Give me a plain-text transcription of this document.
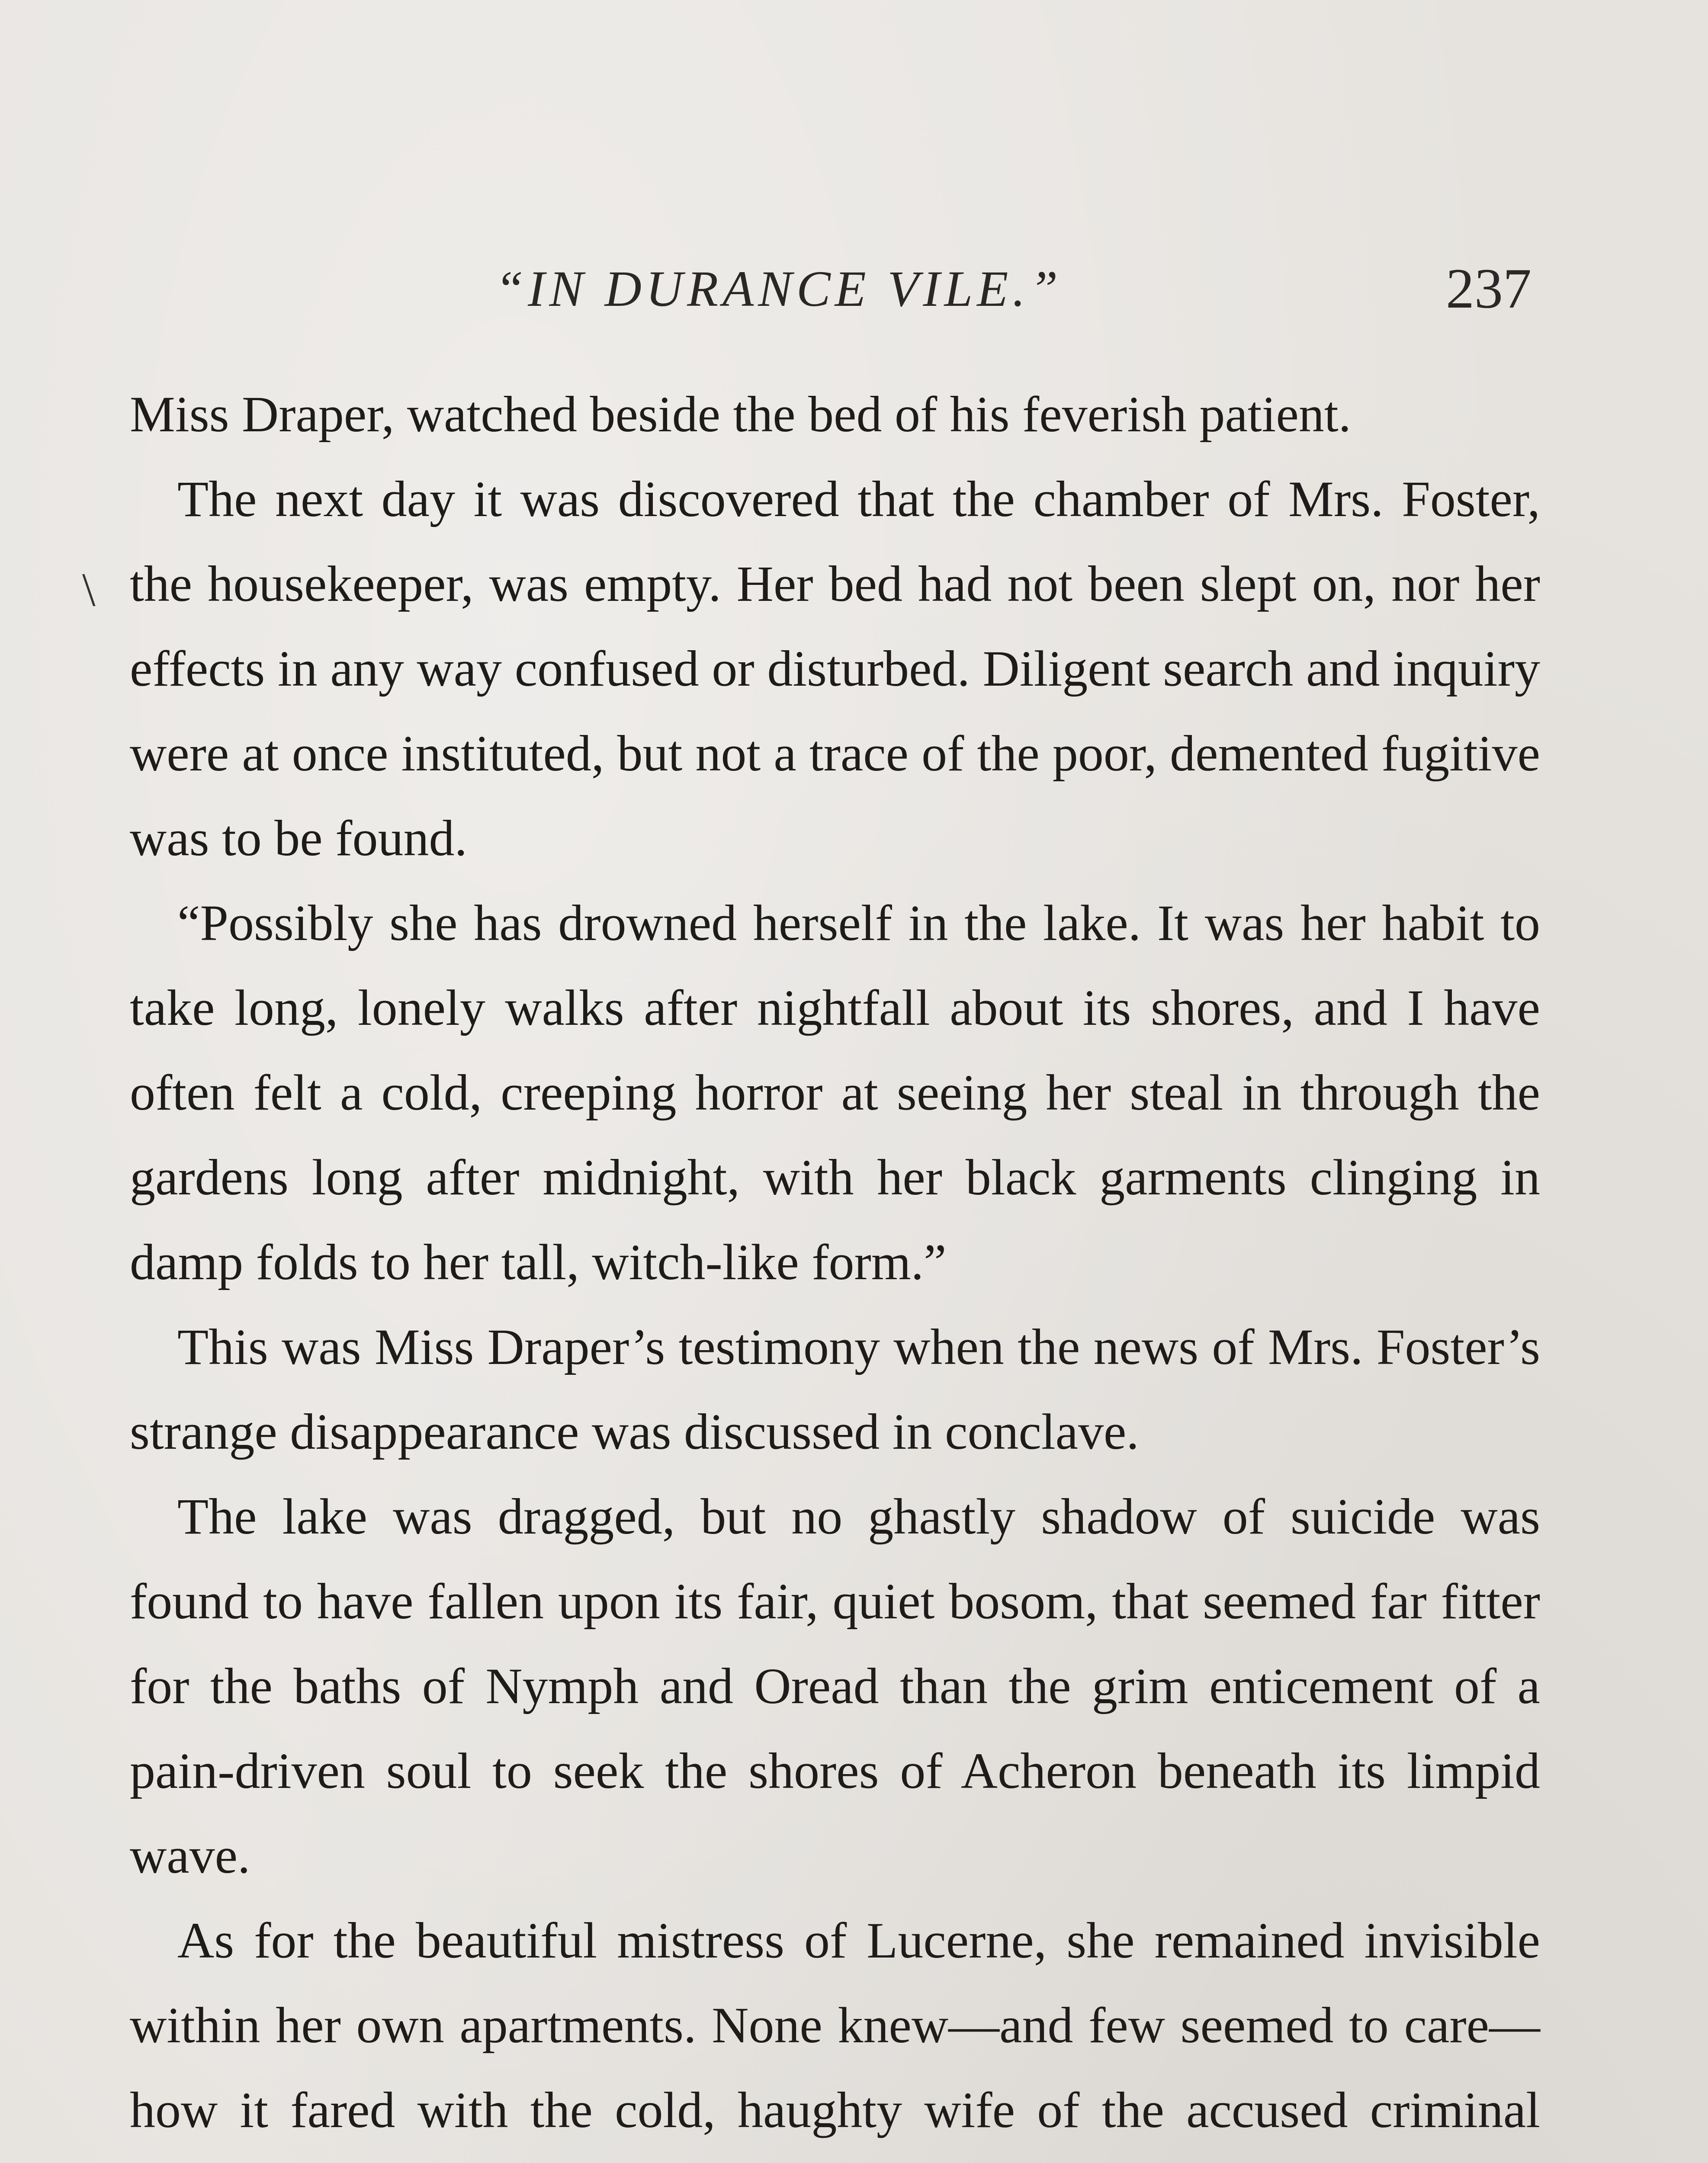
“IN DURANCE VILE.”	237
\

Miss Draper, watched beside the bed of his feverish patient.

The next day it was discovered that the chamber of Mrs. Foster, the housekeeper, was empty. Her bed had not been slept on, nor her effects in any way confused or disturbed. Diligent search and inquiry were at once instituted, but not a trace of the poor, demented fugitive was to be found.

“Possibly she has drowned herself in the lake. It was her habit to take long, lonely walks after nightfall about its shores, and I have often felt a cold, creeping horror at seeing her steal in through the gardens long after midnight, with her black garments clinging in damp folds to her tall, witch-like form.”

This was Miss Draper’s testimony when the news of Mrs. Foster’s strange disappearance was discussed in conclave.

The lake was dragged, but no ghastly shadow of suicide was found to have fallen upon its fair, quiet bosom, that seemed far fitter for the baths of Nymph and Oread than the grim enticement of a pain-driven soul to seek the shores of Acheron beneath its limpid wave.

As for the beautiful mistress of Lucerne, she remained invisible within her own apartments. None knew—and few seemed to care—how it fared with the cold, haughty wife of the accused criminal
